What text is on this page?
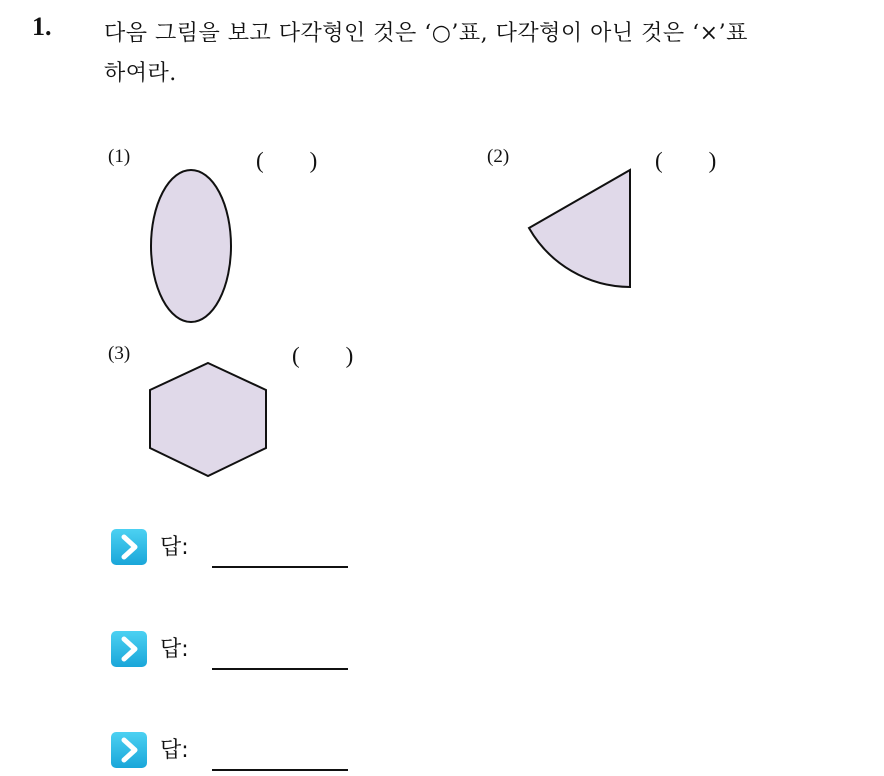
1. 다음 그림을 보고 다각형인 것은 ‘○’표, 다각형이 아닌 것은 ‘×’표
하여라.
(1)	(        )	(2)	(        )
(3)	(        )
답:
답:
답:
